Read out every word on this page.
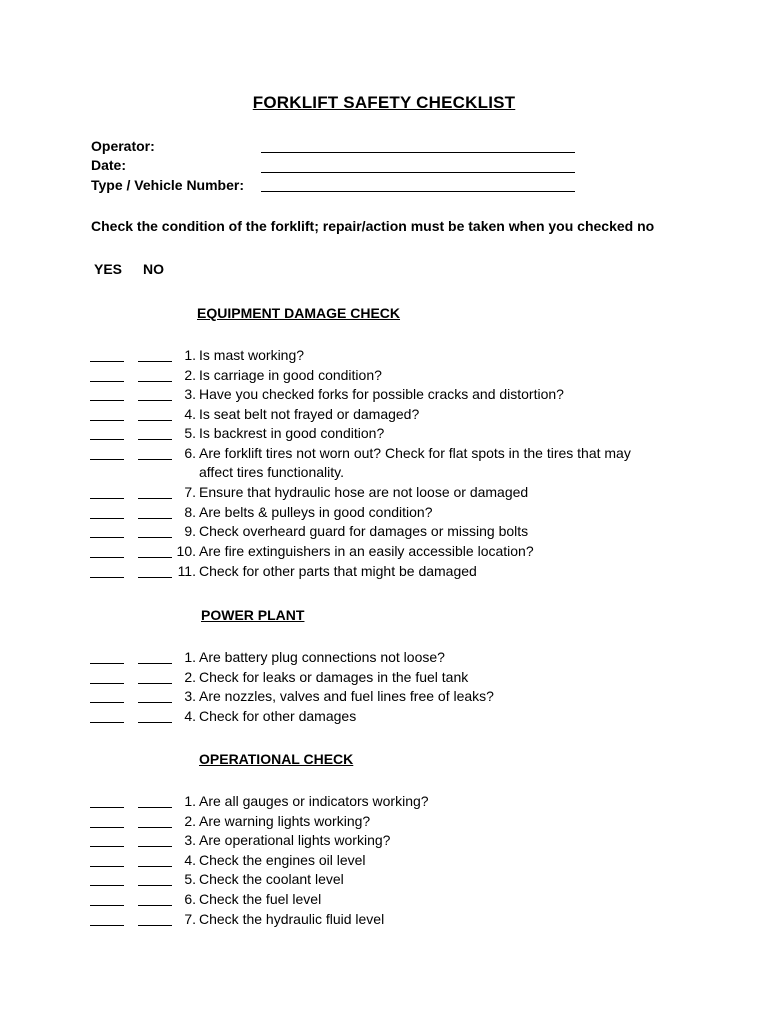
FORKLIFT SAFETY CHECKLIST
Operator:
Date:
Type / Vehicle Number:
Check the condition of the forklift; repair/action must be taken when you checked no
YES NO
EQUIPMENT DAMAGE CHECK
1. Is mast working?
2. Is carriage in good condition?
3. Have you checked forks for possible cracks and distortion?
4. Is seat belt not frayed or damaged?
5. Is backrest in good condition?
6. Are forklift tires not worn out? Check for flat spots in the tires that may
affect tires functionality.
7. Ensure that hydraulic hose are not loose or damaged
8. Are belts & pulleys in good condition?
9. Check overheard guard for damages or missing bolts
10. Are fire extinguishers in an easily accessible location?
11. Check for other parts that might be damaged
POWER PLANT
1. Are battery plug connections not loose?
2. Check for leaks or damages in the fuel tank
3. Are nozzles, valves and fuel lines free of leaks?
4. Check for other damages
OPERATIONAL CHECK
1. Are all gauges or indicators working?
2. Are warning lights working?
3. Are operational lights working?
4. Check the engines oil level
5. Check the coolant level
6. Check the fuel level
7. Check the hydraulic fluid level
